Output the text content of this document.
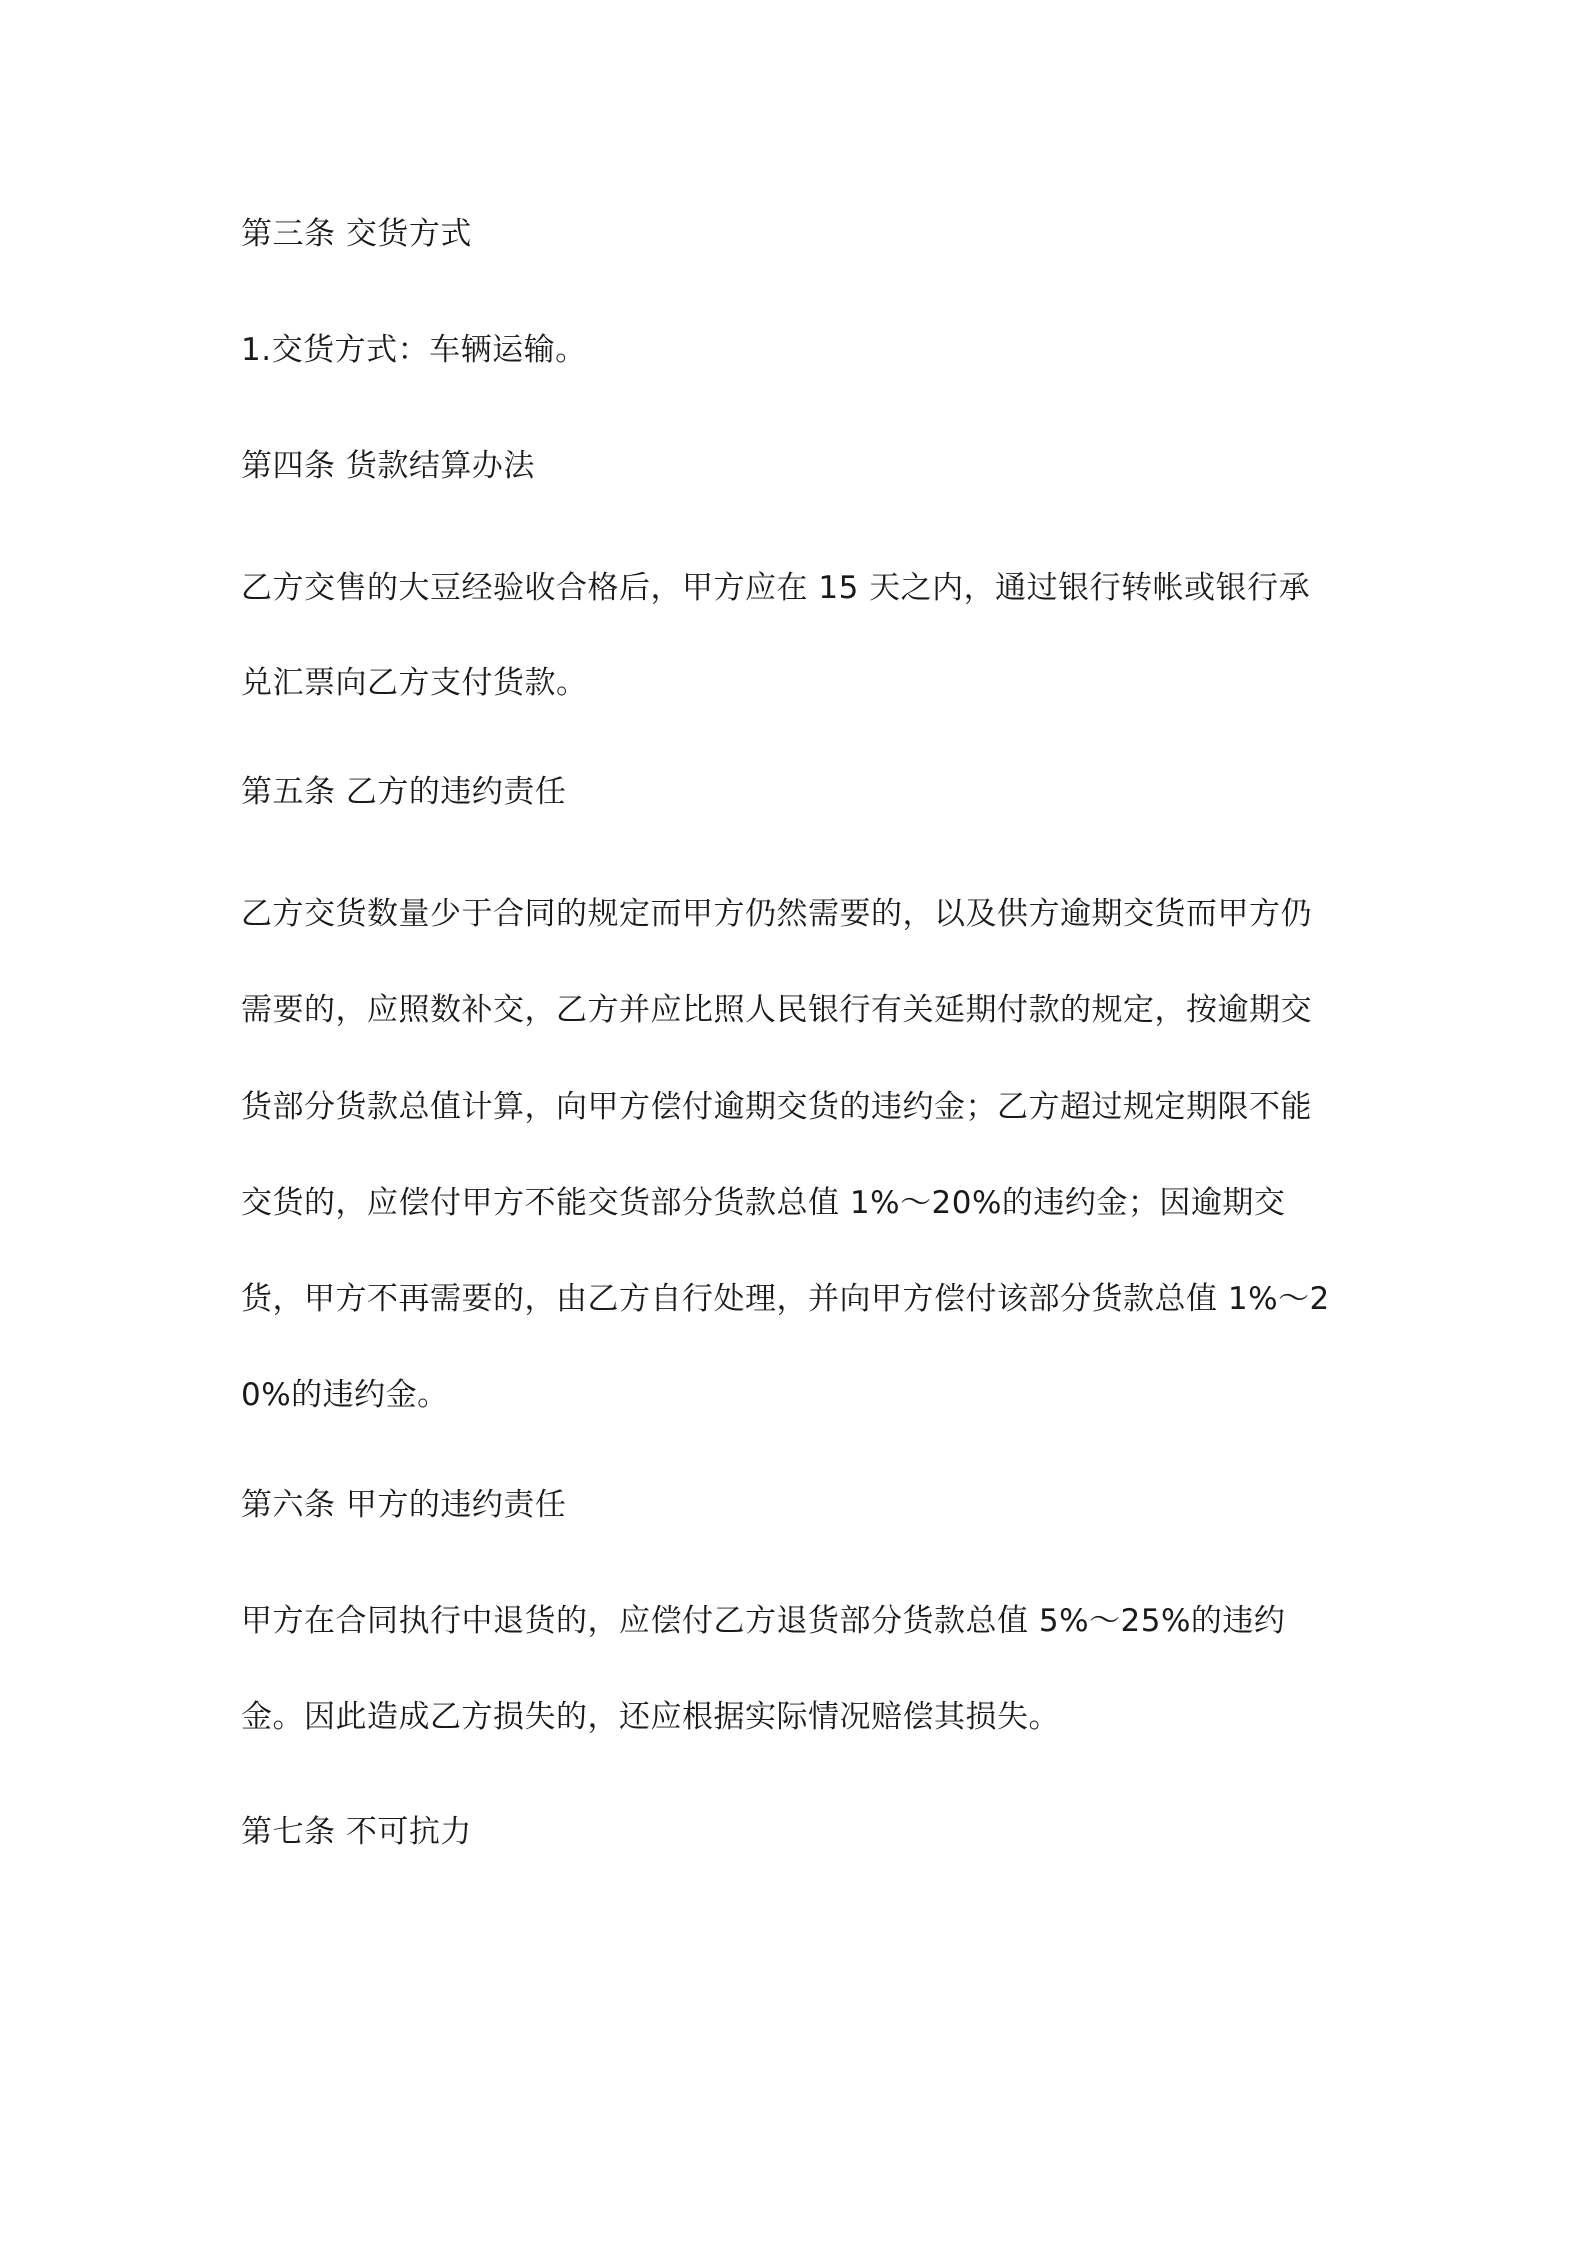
第三条 交货方式
1.交货方式：车辆运输。
第四条 货款结算办法
乙方交售的大豆经验收合格后，甲方应在 15 天之内，通过银行转帐或银行承
兑汇票向乙方支付货款。
第五条 乙方的违约责任
乙方交货数量少于合同的规定而甲方仍然需要的，以及供方逾期交货而甲方仍
需要的，应照数补交，乙方并应比照人民银行有关延期付款的规定，按逾期交
货部分货款总值计算，向甲方偿付逾期交货的违约金；乙方超过规定期限不能
交货的，应偿付甲方不能交货部分货款总值 1%～20%的违约金；因逾期交
货，甲方不再需要的，由乙方自行处理，并向甲方偿付该部分货款总值 1%～2
0%的违约金。
第六条 甲方的违约责任
甲方在合同执行中退货的，应偿付乙方退货部分货款总值 5%～25%的违约
金。因此造成乙方损失的，还应根据实际情况赔偿其损失。
第七条 不可抗力
